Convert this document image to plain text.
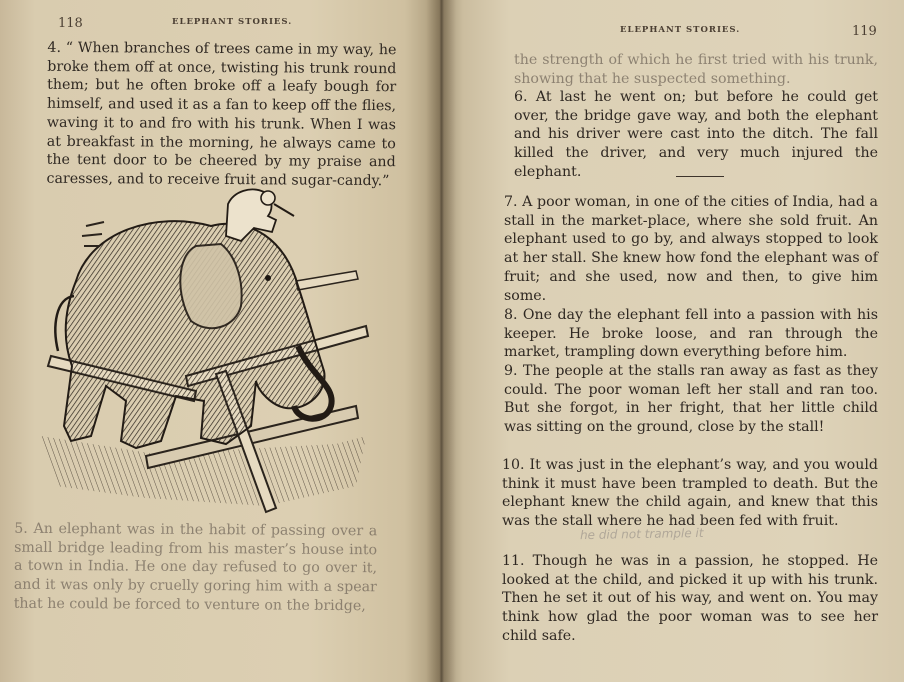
118	ELEPHANT STORIES.

4. “ When branches of trees came in my way, he broke them off at once, twisting his trunk round them; but he often broke off a leafy bough for himself, and used it as a fan to keep off the flies, waving it to and fro with his trunk. When I was at breakfast in the morning, he always came to the tent door to be cheered by my praise and caresses, and to receive fruit and sugar-candy.”

5. An elephant was in the habit of passing over a small bridge leading from his master’s house into a town in India. He one day refused to go over it, and it was only by cruelly goring him with a spear that he could be forced to venture on the bridge,

ELEPHANT STORIES.	119

the strength of which he first tried with his trunk, showing that he suspected something.

6. At last he went on; but before he could get over, the bridge gave way, and both the elephant and his driver were cast into the ditch. The fall killed the driver, and very much injured the elephant.

7. A poor woman, in one of the cities of India, had a stall in the market-place, where she sold fruit. An elephant used to go by, and always stopped to look at her stall. She knew how fond the elephant was of fruit; and she used, now and then, to give him some.

8. One day the elephant fell into a passion with his keeper. He broke loose, and ran through the market, trampling down everything before him.

9. The people at the stalls ran away as fast as they could. The poor woman left her stall and ran too. But she forgot, in her fright, that her little child was sitting on the ground, close by the stall!

10. It was just in the elephant’s way, and you would think it must have been trampled to death. But the elephant knew the child again, and knew that this was the stall where he had been fed with fruit.

11. Though he was in a passion, he stopped. He looked at the child, and picked it up with his trunk. Then he set it out of his way, and went on. You may think how glad the poor woman was to see her child safe.

he did not trample it
